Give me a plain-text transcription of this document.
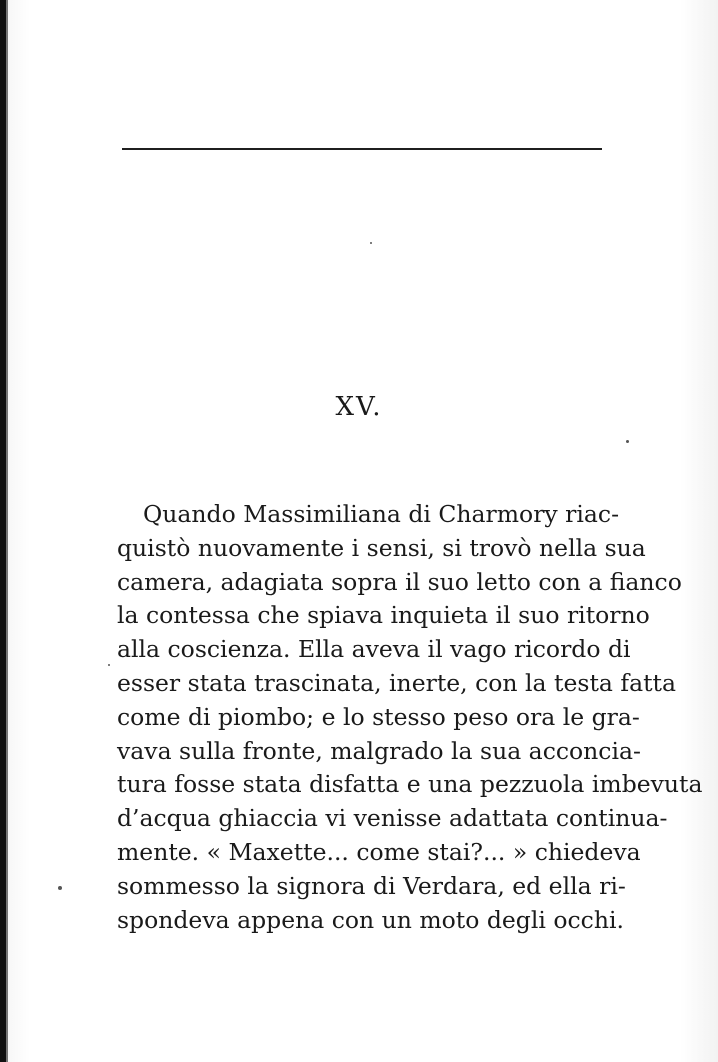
XV.
Quando Massimiliana di Charmory riac-
quistò nuovamente i sensi, si trovò nella sua
camera, adagiata sopra il suo letto con a fianco
la contessa che spiava inquieta il suo ritorno
alla coscienza. Ella aveva il vago ricordo di
esser stata trascinata, inerte, con la testa fatta
come di piombo; e lo stesso peso ora le gra-
vava sulla fronte, malgrado la sua acconcia-
tura fosse stata disfatta e una pezzuola imbevuta
d’acqua ghiaccia vi venisse adattata continua-
mente. « Maxette... come stai?... » chiedeva
sommesso la signora di Verdara, ed ella ri-
spondeva appena con un moto degli occhi.
